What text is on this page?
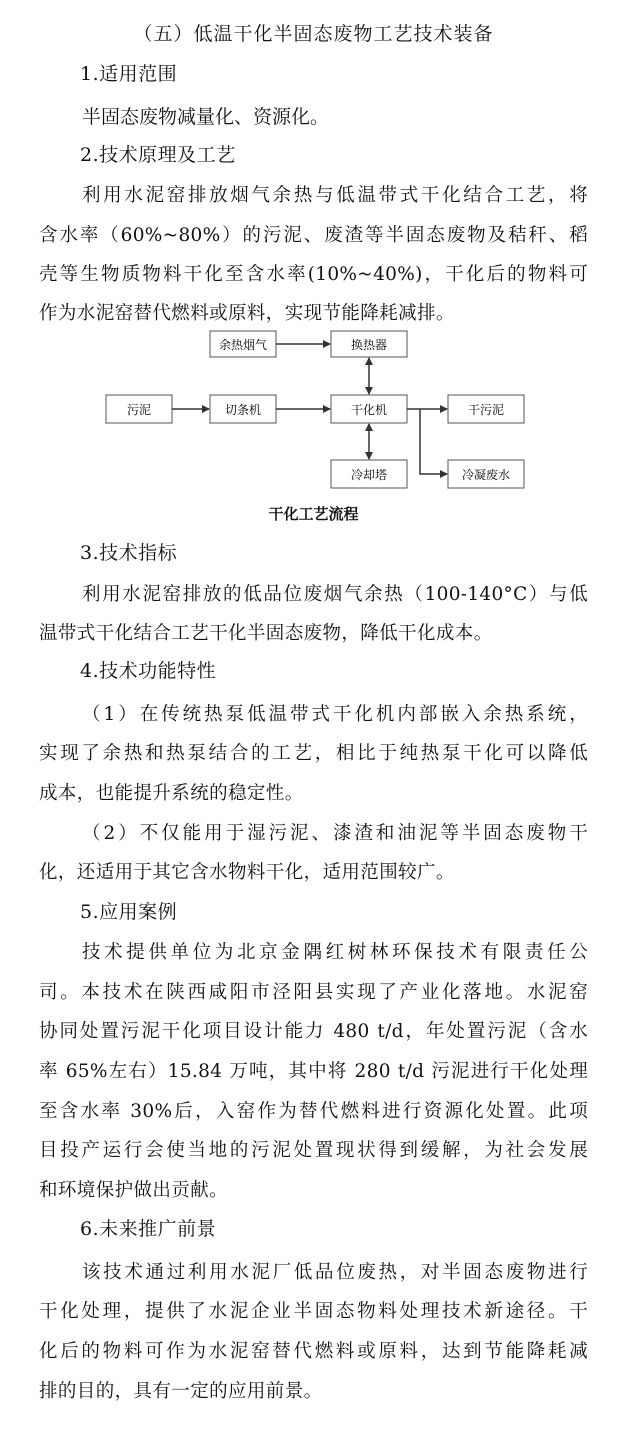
（五）低温干化半固态废物工艺技术装备
1.适用范围
半固态废物减量化、资源化。
2.技术原理及工艺
利用水泥窑排放烟气余热与低温带式干化结合工艺，将
含水率（60%~80%）的污泥、废渣等半固态废物及秸秆、稻
壳等生物质物料干化至含水率(10%~40%)，干化后的物料可
作为水泥窑替代燃料或原料，实现节能降耗减排。
余热烟气	换热器
污泥	切条机	干化机	干污泥
冷却塔	冷凝废水
干化工艺流程
3.技术指标
利用水泥窑排放的低品位废烟气余热（100-140°C）与低
温带式干化结合工艺干化半固态废物，降低干化成本。
4.技术功能特性
（1）在传统热泵低温带式干化机内部嵌入余热系统，
实现了余热和热泵结合的工艺，相比于纯热泵干化可以降低
成本，也能提升系统的稳定性。
（2）不仅能用于湿污泥、漆渣和油泥等半固态废物干
化，还适用于其它含水物料干化，适用范围较广。
5.应用案例
技术提供单位为北京金隅红树林环保技术有限责任公
司。本技术在陕西咸阳市泾阳县实现了产业化落地。水泥窑
协同处置污泥干化项目设计能力 480 t/d，年处置污泥（含水
率 65%左右）15.84 万吨，其中将 280 t/d 污泥进行干化处理
至含水率 30%后，入窑作为替代燃料进行资源化处置。此项
目投产运行会使当地的污泥处置现状得到缓解，为社会发展
和环境保护做出贡献。
6.未来推广前景
该技术通过利用水泥厂低品位废热，对半固态废物进行
干化处理，提供了水泥企业半固态物料处理技术新途径。干
化后的物料可作为水泥窑替代燃料或原料，达到节能降耗减
排的目的，具有一定的应用前景。
